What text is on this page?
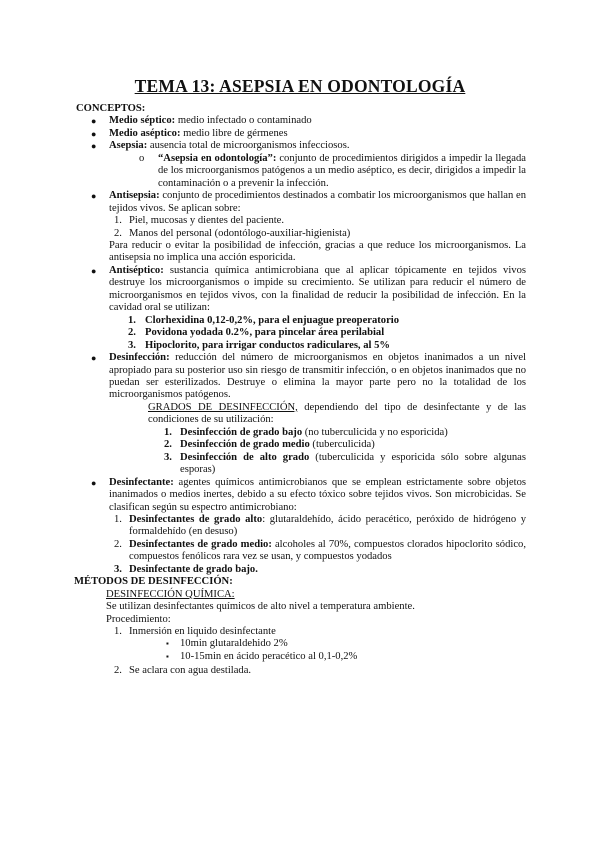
TEMA 13: ASEPSIA EN ODONTOLOGÍA
CONCEPTOS:
● Medio séptico: medio infectado o contaminado
● Medio aséptico: medio libre de gérmenes
● Asepsia: ausencia total de microorganismos infecciosos.
o “Asepsia en odontología”: conjunto de procedimientos dirigidos a impedir la llegada de los microorganismos patógenos a un medio aséptico, es decir, dirigidos a impedir la contaminación o a prevenir la infección.
● Antisepsia: conjunto de procedimientos destinados a combatir los microorganismos que hallan en tejidos vivos. Se aplican sobre:
1. Piel, mucosas y dientes del paciente.
2. Manos del personal (odontólogo-auxiliar-higienista)
Para reducir o evitar la posibilidad de infección, gracias a que reduce los microorganismos. La antisepsia no implica una acción esporicida.
● Antiséptico: sustancia química antimicrobiana que al aplicar tópicamente en tejidos vivos destruye los microorganismos o impide su crecimiento. Se utilizan para reducir el número de microorganismos en tejidos vivos, con la finalidad de reducir la posibilidad de infección. En la cavidad oral se utilizan:
1. Clorhexidina 0,12-0,2%, para el enjuague preoperatorio
2. Povidona yodada 0.2%, para pincelar área perilabial
3. Hipoclorito, para irrigar conductos radiculares, al 5%
● Desinfección: reducción del número de microorganismos en objetos inanimados a un nivel apropiado para su posterior uso sin riesgo de transmitir infección, o en objetos inanimados que no puedan ser esterilizados. Destruye o elimina la mayor parte pero no la totalidad de los microorganismos patógenos.
GRADOS DE DESINFECCIÓN, dependiendo del tipo de desinfectante y de las condiciones de su utilización:
1. Desinfección de grado bajo (no tuberculicida y no esporicida)
2. Desinfección de grado medio (tuberculicida)
3. Desinfección de alto grado (tuberculicida y esporicida sólo sobre algunas esporas)
● Desinfectante: agentes químicos antimicrobianos que se emplean estrictamente sobre objetos inanimados o medios inertes, debido a su efecto tóxico sobre tejidos vivos. Son microbicidas. Se clasifican según su espectro antimicrobiano:
1. Desinfectantes de grado alto: glutaraldehído, ácido peracético, peróxido de hidrógeno y formaldehído (en desuso)
2. Desinfectantes de grado medio: alcoholes al 70%, compuestos clorados hipoclorito sódico, compuestos fenólicos rara vez se usan, y compuestos yodados
3. Desinfectante de grado bajo.
MÉTODOS DE DESINFECCIÓN:
DESINFECCIÓN QUÍMICA:
Se utilizan desinfectantes químicos de alto nivel a temperatura ambiente.
Procedimiento:
1. Inmersión en liquido desinfectante
▪ 10min glutaraldehido 2%
▪ 10-15min en ácido peracético al 0,1-0,2%
2. Se aclara con agua destilada.
